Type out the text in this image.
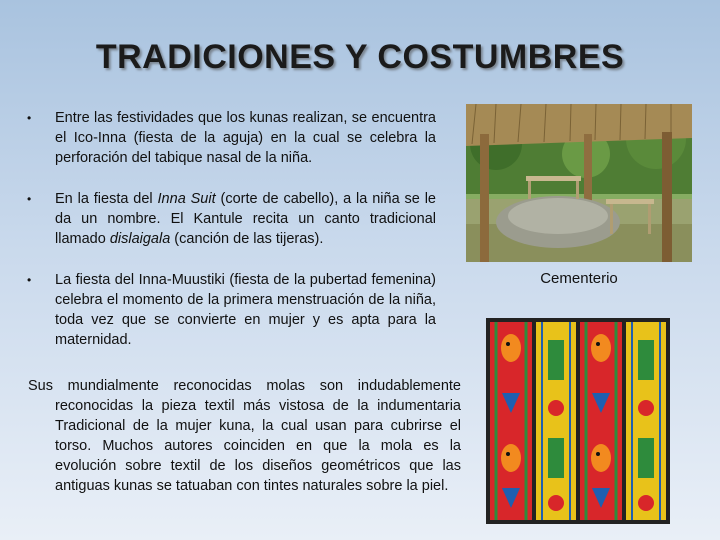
TRADICIONES Y COSTUMBRES
• Entre las festividades que los kunas realizan, se encuentra el Ico-Inna (fiesta de la aguja) en la cual se celebra la perforación del tabique nasal de la niña.
• En la fiesta del Inna Suit (corte de cabello), a la niña se le da un nombre. El Kantule recita un canto tradicional llamado dislaigala (canción de las tijeras).
• La fiesta del Inna-Muustiki (fiesta de la pubertad femenina) celebra el momento de la primera menstruación de la niña, toda vez que se convierte en mujer y es apta para la maternidad.
Sus mundialmente reconocidas molas son indudablemente reconocidas la pieza textil más vistosa de la indumentaria Tradicional de la mujer kuna, la cual usan para cubrirse el torso. Muchos autores coinciden en que la mola es la evolución sobre textil de los diseños geométricos que las antiguas kunas se tatuaban con tintes naturales sobre la piel.
Cementerio
